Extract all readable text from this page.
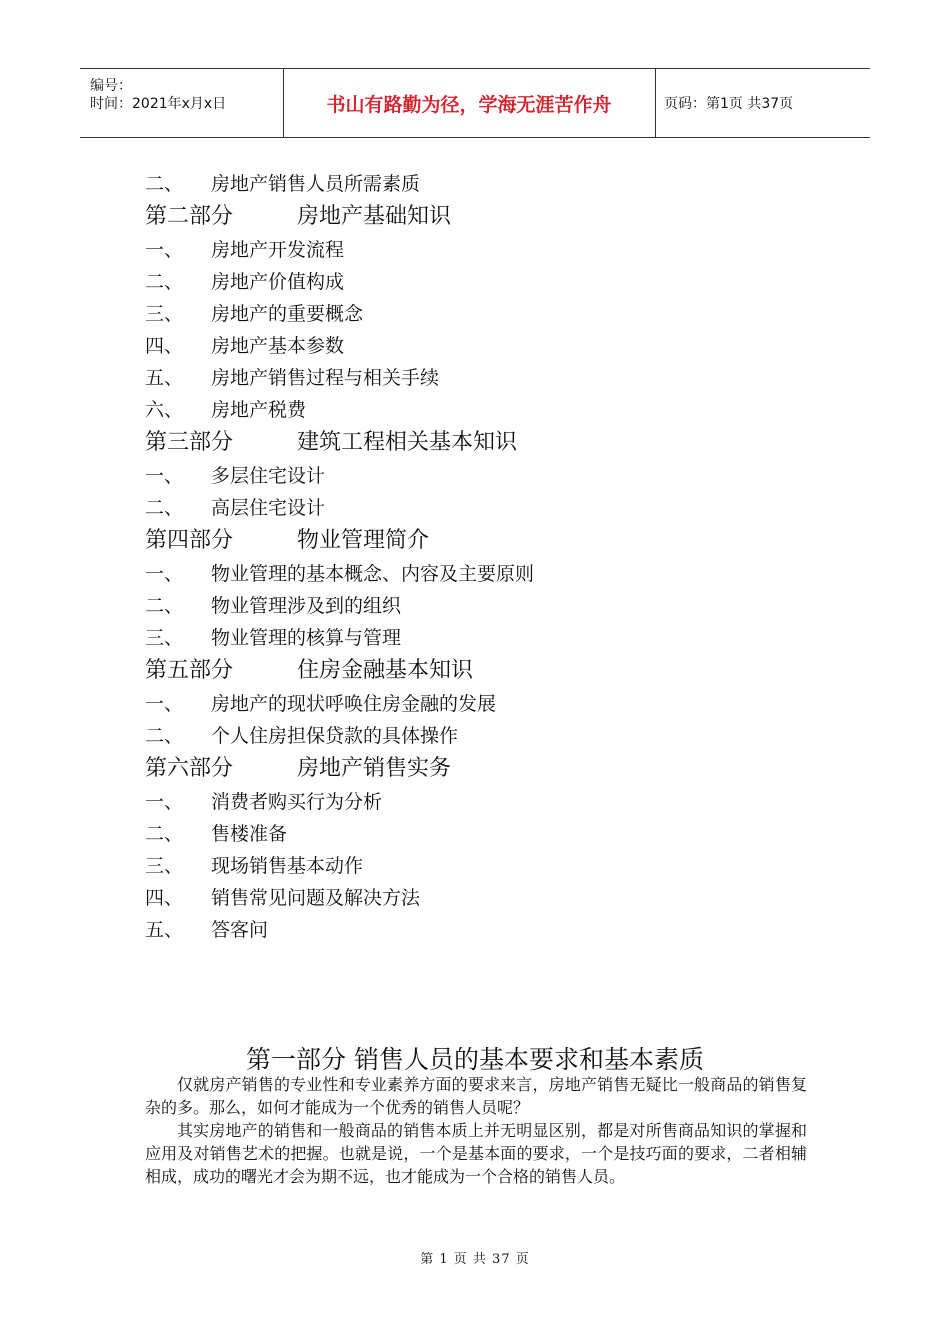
编号：
时间：2021年x月x日	书山有路勤为径，学海无涯苦作舟	页码：第1页 共37页
二、 房地产销售人员所需素质
第二部分	房地产基础知识
一、 房地产开发流程
二、 房地产价值构成
三、 房地产的重要概念
四、 房地产基本参数
五、 房地产销售过程与相关手续
六、 房地产税费
第三部分	建筑工程相关基本知识
一、 多层住宅设计
二、 高层住宅设计
第四部分	物业管理简介
一、 物业管理的基本概念、内容及主要原则
二、 物业管理涉及到的组织
三、 物业管理的核算与管理
第五部分	住房金融基本知识
一、 房地产的现状呼唤住房金融的发展
二、 个人住房担保贷款的具体操作
第六部分	房地产销售实务
一、 消费者购买行为分析
二、 售楼准备
三、 现场销售基本动作
四、 销售常见问题及解决方法
五、 答客问
第一部分 销售人员的基本要求和基本素质

仅就房产销售的专业性和专业素养方面的要求来言，房地产销售无疑比一般商品的销售复杂的多。那么，如何才能成为一个优秀的销售人员呢？

其实房地产的销售和一般商品的销售本质上并无明显区别，都是对所售商品知识的掌握和应用及对销售艺术的把握。也就是说，一个是基本面的要求，一个是技巧面的要求，二者相辅相成，成功的曙光才会为期不远，也才能成为一个合格的销售人员。

第 1 页 共 37 页
